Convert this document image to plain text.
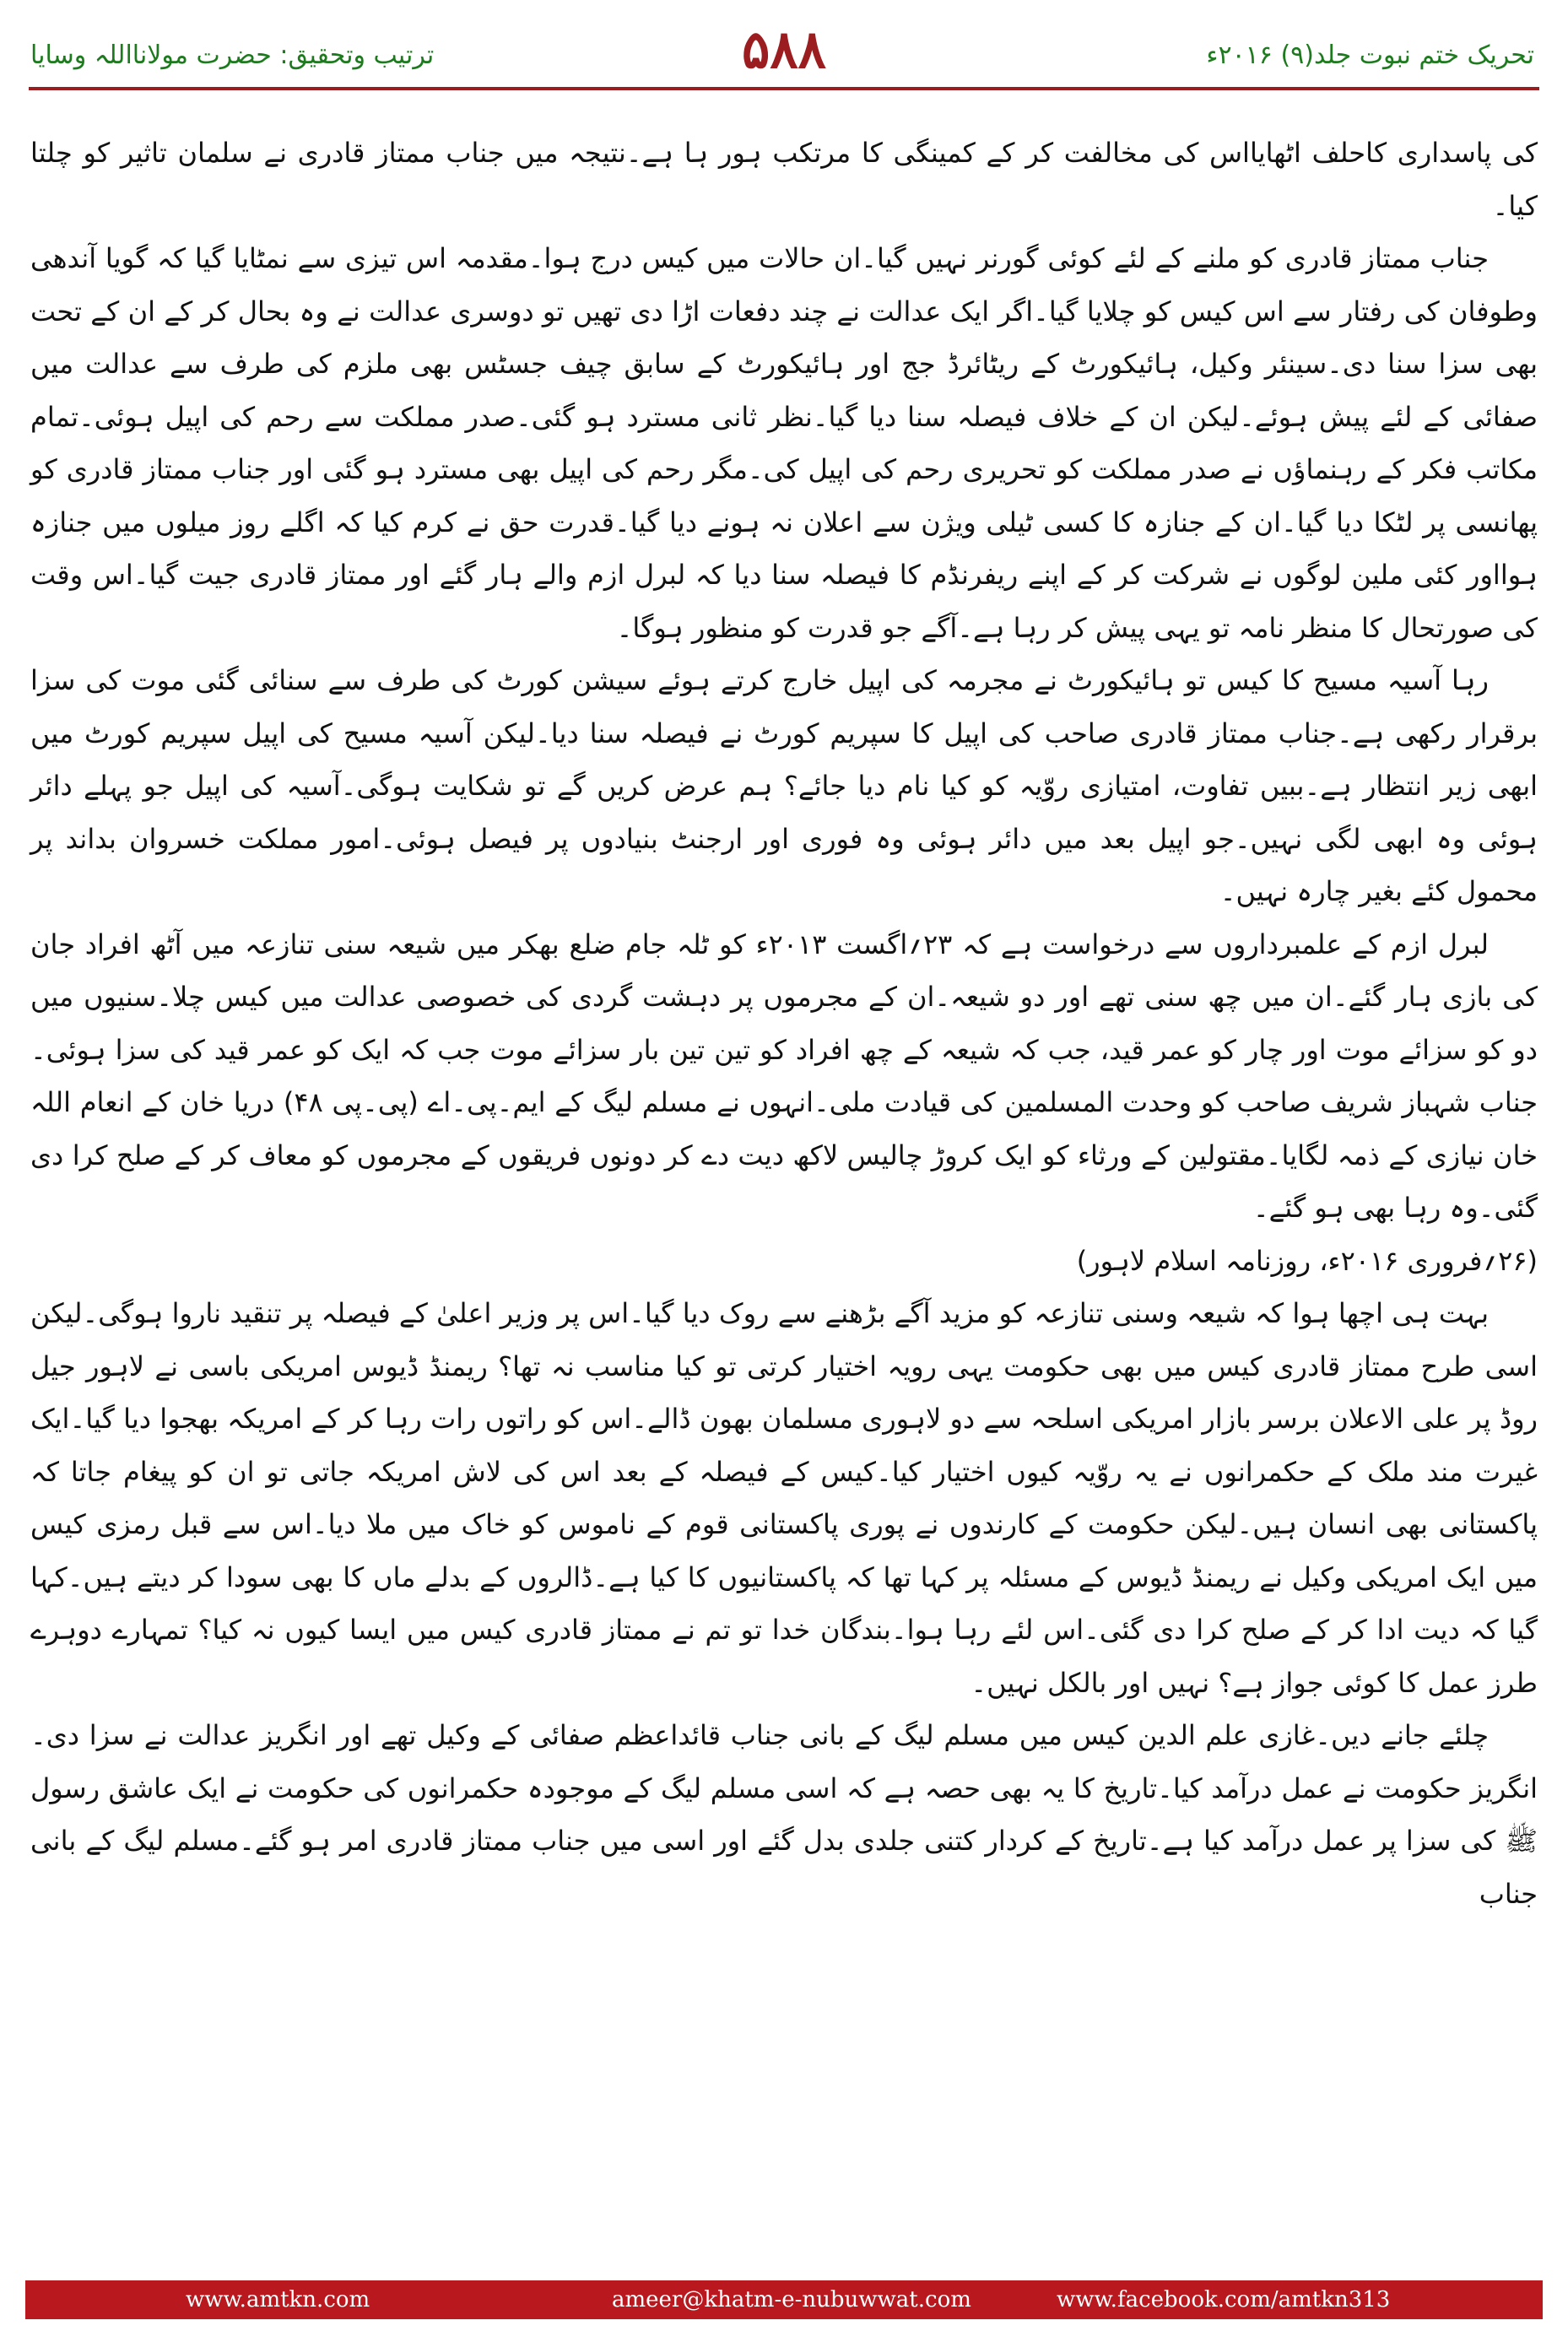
تحریک ختم نبوت جلد(۹) ۲۰۱۶ء
۵۸۸
ترتیب وتحقیق: حضرت مولانااللہ وسایا

کی پاسداری کاحلف اٹھایااس کی مخالفت کر کے کمینگی کا مرتکب ہور ہا ہے۔نتیجہ میں جناب ممتاز قادری نے سلمان تاثیر کو چلتا کیا۔

جناب ممتاز قادری کو ملنے کے لئے کوئی گورنر نہیں گیا۔ان حالات میں کیس درج ہوا۔مقدمہ اس تیزی سے نمٹایا گیا کہ گویا آندھی وطوفان کی رفتار سے اس کیس کو چلایا گیا۔اگر ایک عدالت نے چند دفعات اڑا دی تھیں تو دوسری عدالت نے وہ بحال کر کے ان کے تحت بھی سزا سنا دی۔سینئر وکیل، ہائیکورٹ کے ریٹائرڈ جج اور ہائیکورٹ کے سابق چیف جسٹس بھی ملزم کی طرف سے عدالت میں صفائی کے لئے پیش ہوئے۔لیکن ان کے خلاف فیصلہ سنا دیا گیا۔نظر ثانی مسترد ہو گئی۔صدر مملکت سے رحم کی اپیل ہوئی۔تمام مکاتب فکر کے رہنماؤں نے صدر مملکت کو تحریری رحم کی اپیل کی۔مگر رحم کی اپیل بھی مسترد ہو گئی اور جناب ممتاز قادری کو پھانسی پر لٹکا دیا گیا۔ان کے جنازہ کا کسی ٹیلی ویژن سے اعلان نہ ہونے دیا گیا۔قدرت حق نے کرم کیا کہ اگلے روز میلوں میں جنازہ ہوااور کئی ملین لوگوں نے شرکت کر کے اپنے ریفرنڈم کا فیصلہ سنا دیا کہ لبرل ازم والے ہار گئے اور ممتاز قادری جیت گیا۔اس وقت کی صورتحال کا منظر نامہ تو یہی پیش کر رہا ہے۔آگے جو قدرت کو منظور ہوگا۔

رہا آسیہ مسیح کا کیس تو ہائیکورٹ نے مجرمہ کی اپیل خارج کرتے ہوئے سیشن کورٹ کی طرف سے سنائی گئی موت کی سزا برقرار رکھی ہے۔جناب ممتاز قادری صاحب کی اپیل کا سپریم کورٹ نے فیصلہ سنا دیا۔لیکن آسیہ مسیح کی اپیل سپریم کورٹ میں ابھی زیر انتظار ہے۔ببیں تفاوت، امتیازی روّیہ کو کیا نام دیا جائے؟ ہم عرض کریں گے تو شکایت ہوگی۔آسیہ کی اپیل جو پہلے دائر ہوئی وہ ابھی لگی نہیں۔جو اپیل بعد میں دائر ہوئی وہ فوری اور ارجنٹ بنیادوں پر فیصل ہوئی۔امور مملکت خسروان بداند پر محمول کئے بغیر چارہ نہیں۔

لبرل ازم کے علمبرداروں سے درخواست ہے کہ ۲۳؍اگست ۲۰۱۳ء کو ٹلہ جام ضلع بھکر میں شیعہ سنی تنازعہ میں آٹھ افراد جان کی بازی ہار گئے۔ان میں چھ سنی تھے اور دو شیعہ۔ان کے مجرموں پر دہشت گردی کی خصوصی عدالت میں کیس چلا۔سنیوں میں دو کو سزائے موت اور چار کو عمر قید، جب کہ شیعہ کے چھ افراد کو تین تین بار سزائے موت جب کہ ایک کو عمر قید کی سزا ہوئی۔جناب شہباز شریف صاحب کو وحدت المسلمین کی قیادت ملی۔انہوں نے مسلم لیگ کے ایم۔پی۔اے (پی۔پی ۴۸) دریا خان کے انعام اللہ خان نیازی کے ذمہ لگایا۔مقتولین کے ورثاء کو ایک کروڑ چالیس لاکھ دیت دے کر دونوں فریقوں کے مجرموں کو معاف کر کے صلح کرا دی گئی۔وہ رہا بھی ہو گئے۔

(۲۶؍فروری ۲۰۱۶ء، روزنامہ اسلام لاہور)

بہت ہی اچھا ہوا کہ شیعہ وسنی تنازعہ کو مزید آگے بڑھنے سے روک دیا گیا۔اس پر وزیر اعلیٰ کے فیصلہ پر تنقید ناروا ہوگی۔لیکن اسی طرح ممتاز قادری کیس میں بھی حکومت یہی رویہ اختیار کرتی تو کیا مناسب نہ تھا؟ ریمنڈ ڈیوس امریکی باسی نے لاہور جیل روڈ پر علی الاعلان برسر بازار امریکی اسلحہ سے دو لاہوری مسلمان بھون ڈالے۔اس کو راتوں رات رہا کر کے امریکہ بھجوا دیا گیا۔ایک غیرت مند ملک کے حکمرانوں نے یہ روّیہ کیوں اختیار کیا۔کیس کے فیصلہ کے بعد اس کی لاش امریکہ جاتی تو ان کو پیغام جاتا کہ پاکستانی بھی انسان ہیں۔لیکن حکومت کے کارندوں نے پوری پاکستانی قوم کے ناموس کو خاک میں ملا دیا۔اس سے قبل رمزی کیس میں ایک امریکی وکیل نے ریمنڈ ڈیوس کے مسئلہ پر کہا تھا کہ پاکستانیوں کا کیا ہے۔ڈالروں کے بدلے ماں کا بھی سودا کر دیتے ہیں۔کہا گیا کہ دیت ادا کر کے صلح کرا دی گئی۔اس لئے رہا ہوا۔بندگان خدا تو تم نے ممتاز قادری کیس میں ایسا کیوں نہ کیا؟ تمہارے دوہرے طرز عمل کا کوئی جواز ہے؟ نہیں اور بالکل نہیں۔

چلئے جانے دیں۔غازی علم الدین کیس میں مسلم لیگ کے بانی جناب قائداعظم صفائی کے وکیل تھے اور انگریز عدالت نے سزا دی۔انگریز حکومت نے عمل درآمد کیا۔تاریخ کا یہ بھی حصہ ہے کہ اسی مسلم لیگ کے موجودہ حکمرانوں کی حکومت نے ایک عاشق رسول ﷺ کی سزا پر عمل درآمد کیا ہے۔تاریخ کے کردار کتنی جلدی بدل گئے اور اسی میں جناب ممتاز قادری امر ہو گئے۔مسلم لیگ کے بانی جناب

www.amtkn.com	ameer@khatm-e-nubuwwat.com	www.facebook.com/amtkn313
